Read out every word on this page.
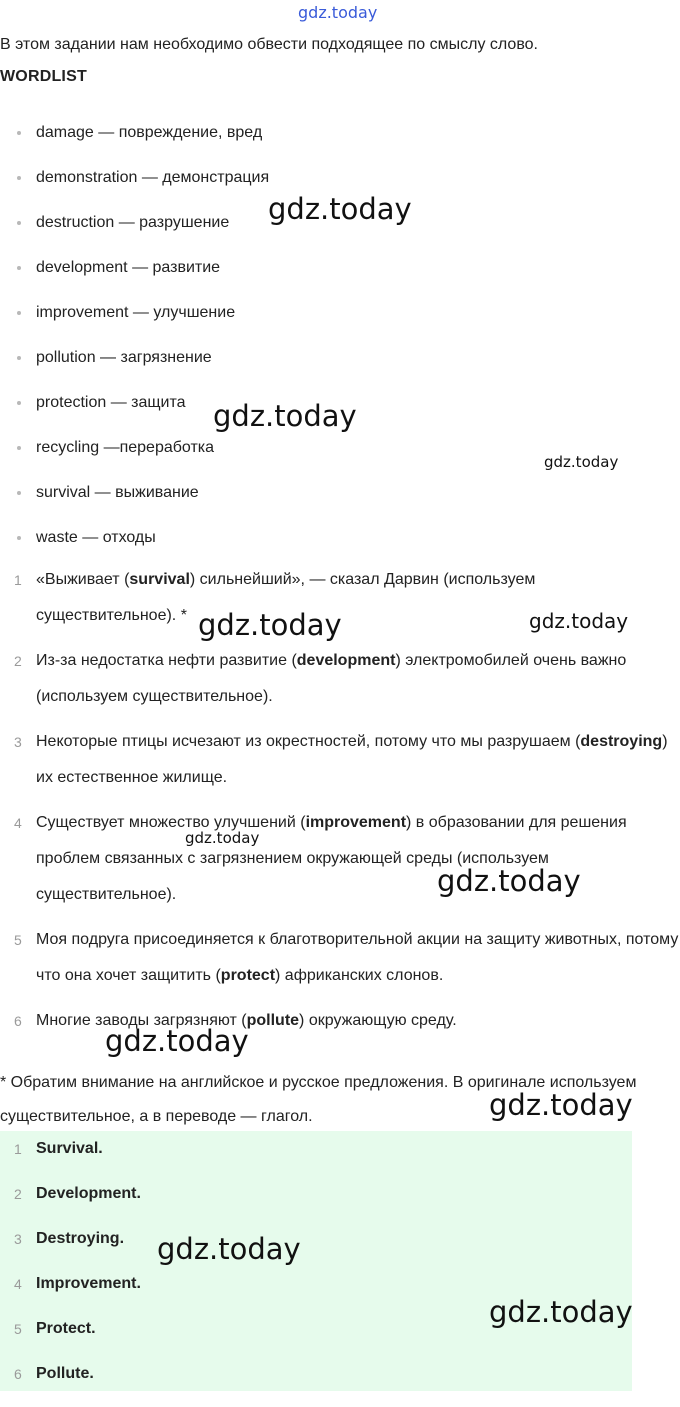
В этом задании нам необходимо обвести подходящее по смыслу слово.
WORDLIST
damage — повреждение, вред
demonstration — демонстрация
destruction — разрушение
development — развитие
improvement — улучшение
pollution — загрязнение
protection — защита
recycling —переработка
survival — выживание
waste — отходы
1 «Выживает (survival) сильнейший», — сказал Дарвин (используем существительное). *
2 Из-за недостатка нефти развитие (development) электромобилей очень важно (используем существительное).
3 Некоторые птицы исчезают из окрестностей, потому что мы разрушаем (destroying) их естественное жилище.
4 Существует множество улучшений (improvement) в образовании для решения проблем связанных с загрязнением окружающей среды (используем существительное).
5 Моя подруга присоединяется к благотворительной акции на защиту животных, потому что она хочет защитить (protect) африканских слонов.
6 Многие заводы загрязняют (pollute) окружающую среду.
* Обратим внимание на английское и русское предложения. В оригинале используем существительное, а в переводе — глагол.
1 Survival.
2 Development.
3 Destroying.
4 Improvement.
5 Protect.
6 Pollute.
gdz.today
gdz.today
gdz.today
gdz.today
gdz.today	gdz.today
gdz.today
gdz.today
gdz.today
gdz.today
gdz.today
gdz.today
